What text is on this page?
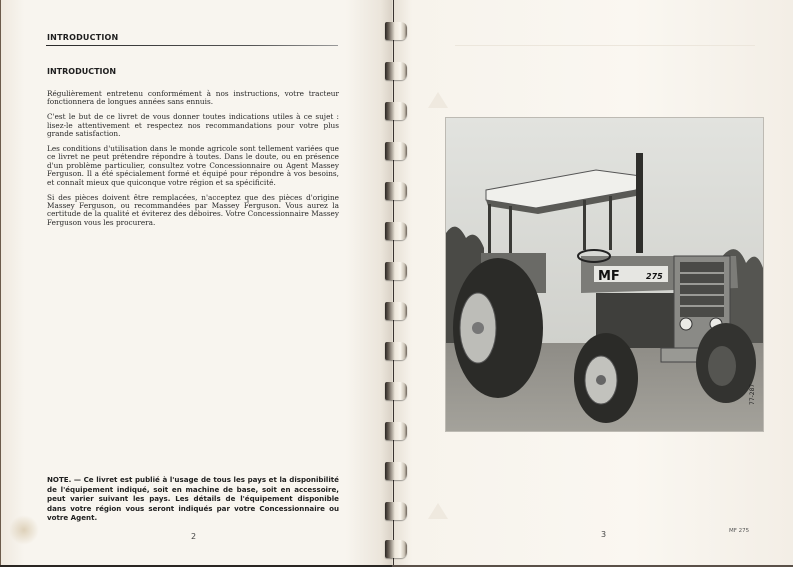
INTRODUCTION
INTRODUCTION

Régulièrement entretenu conformément à nos instructions, votre tracteur fonctionnera de longues années sans ennuis.

C'est le but de ce livret de vous donner toutes indications utiles à ce sujet : lisez-le attentivement et respectez nos recommandations pour votre plus grande satisfaction.

Les conditions d'utilisation dans le monde agricole sont tellement variées que ce livret ne peut prétendre répondre à toutes. Dans le doute, ou en présence d'un problème particulier, consultez votre Concessionnaire ou Agent Massey Ferguson. Il a été spécialement formé et équipé pour répondre à vos besoins, et connaît mieux que quiconque votre région et sa spécificité.

Si des pièces doivent être remplacées, n'acceptez que des pièces d'origine Massey Ferguson, ou recommandées par Massey Ferguson. Vous aurez la certitude de la qualité et éviterez des déboires. Votre Concessionnaire Massey Ferguson vous les procurera.

NOTE. — Ce livret est publié à l'usage de tous les pays et la disponibilité de l'équipement indiqué, soit en machine de base, soit en accessoire, peut varier suivant les pays. Les détails de l'équipement disponible dans votre région vous seront indiqués par votre Concessionnaire ou votre Agent.
2
MF	275
77-287
3	MF 275
